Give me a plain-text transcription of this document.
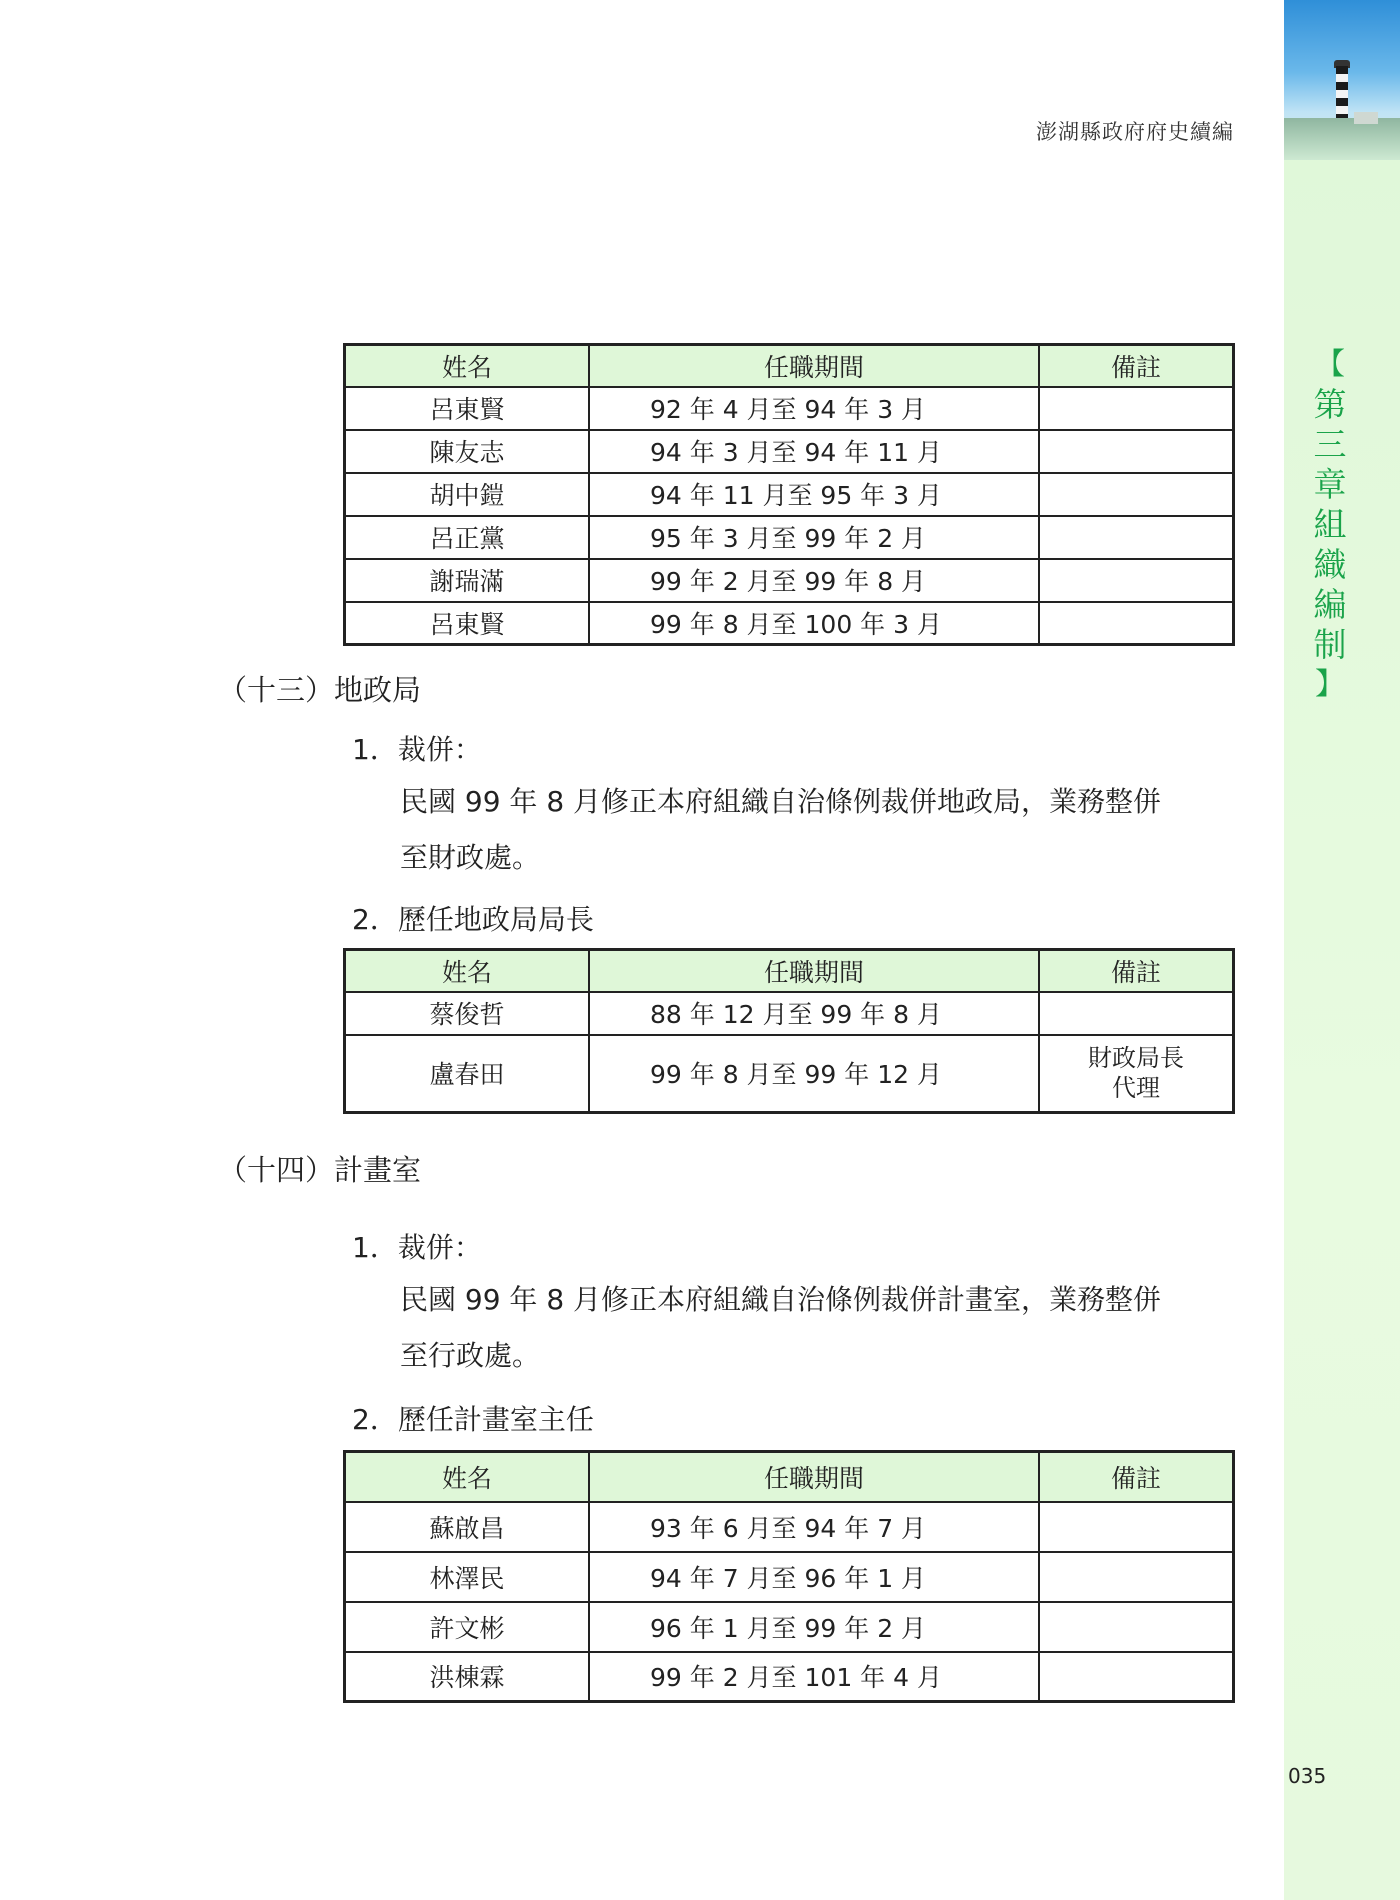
【
第
三
章
組
織
編
制
】
澎湖縣政府府史續編
姓名	任職期間	備註
呂東賢	92 年 4 月至 94 年 3 月	
陳友志	94 年 3 月至 94 年 11 月	
胡中鎧	94 年 11 月至 95 年 3 月	
呂正黨	95 年 3 月至 99 年 2 月	
謝瑞滿	99 年 2 月至 99 年 8 月	
呂東賢	99 年 8 月至 100 年 3 月	
（十三）地政局
1．裁併：
民國 99 年 8 月修正本府組織自治條例裁併地政局，業務整併
至財政處。
2．歷任地政局局長
姓名	任職期間	備註
蔡俊哲	88 年 12 月至 99 年 8 月	

盧春田	99 年 8 月至 99 年 12 月	財政局長
代理
（十四）計畫室
1．裁併：
民國 99 年 8 月修正本府組織自治條例裁併計畫室，業務整併
至行政處。
2．歷任計畫室主任
姓名	任職期間	備註
蘇啟昌	93 年 6 月至 94 年 7 月	
林澤民	94 年 7 月至 96 年 1 月	
許文彬	96 年 1 月至 99 年 2 月	
洪棟霖	99 年 2 月至 101 年 4 月	
035
